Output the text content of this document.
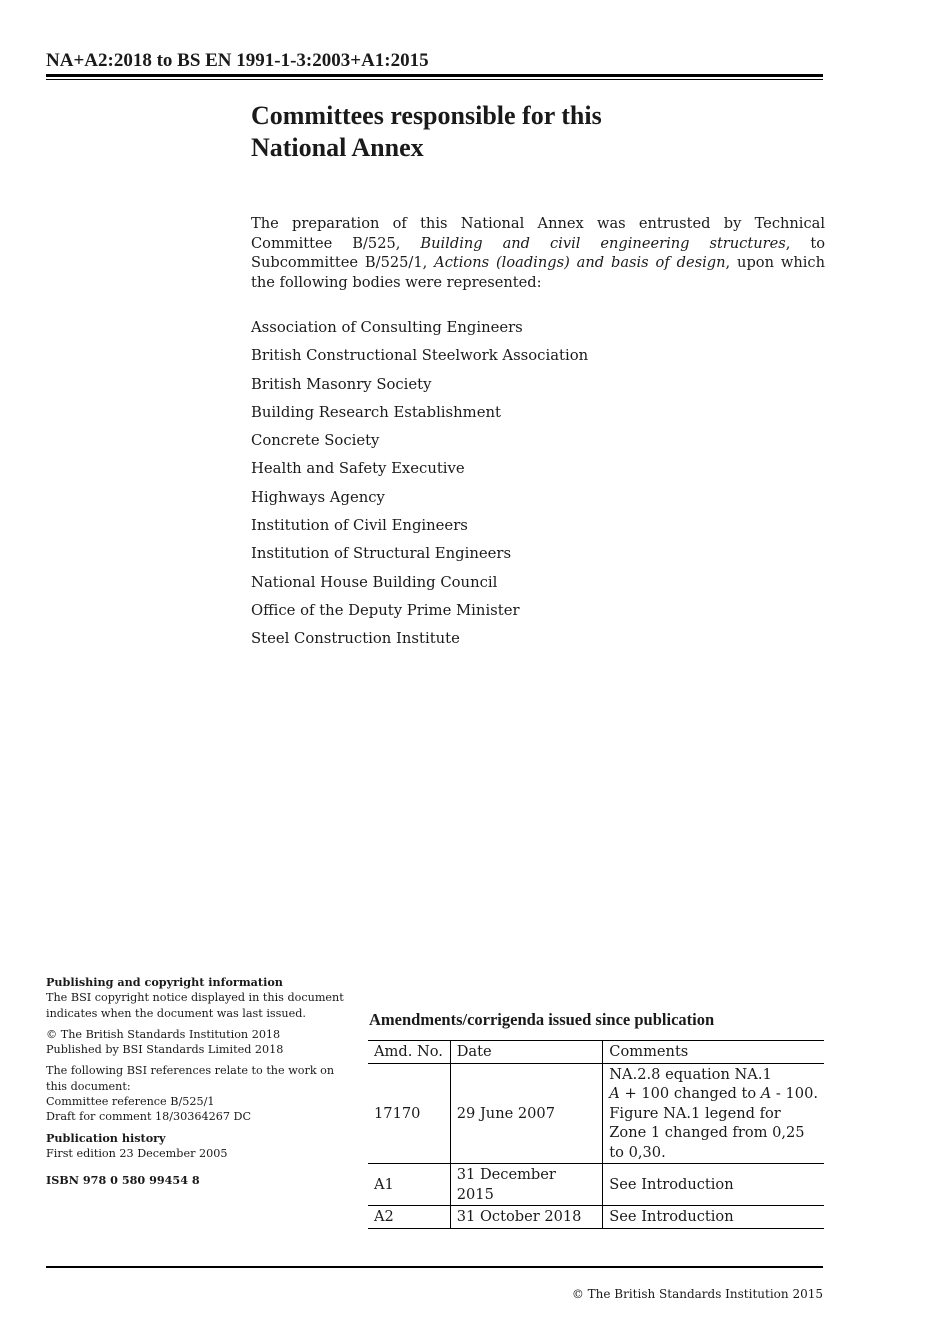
NA+A2:2018 to BS EN 1991-1-3:2003+A1:2015
Committees responsible for this
National Annex

The preparation of this National Annex was entrusted by Technical Committee B/525, Building and civil engineering structures, to Subcommittee B/525/1, Actions (loadings) and basis of design, upon which the following bodies were represented:

Association of Consulting Engineers
British Constructional Steelwork Association
British Masonry Society
Building Research Establishment
Concrete Society
Health and Safety Executive
Highways Agency
Institution of Civil Engineers
Institution of Structural Engineers
National House Building Council
Office of the Deputy Prime Minister
Steel Construction Institute

Publishing and copyright information

The BSI copyright notice displayed in this document indicates when the document was last issued.

© The British Standards Institution 2018

Published by BSI Standards Limited 2018

The following BSI references relate to the work on this document:

Committee reference B/525/1

Draft for comment 18/30364267 DC

Publication history

First edition 23 December 2005

ISBN 978 0 580 99454 8

Amendments/corrigenda issued since publication
Amd. No.	Date	Comments
17170	29 June 2007	NA.2.8 equation NA.1
A + 100 changed to A - 100.
Figure NA.1 legend for
Zone 1 changed from 0,25
to 0,30.

A1	31 December 2015	See Introduction
A2	31 October 2018	See Introduction
© The British Standards Institution 2015
